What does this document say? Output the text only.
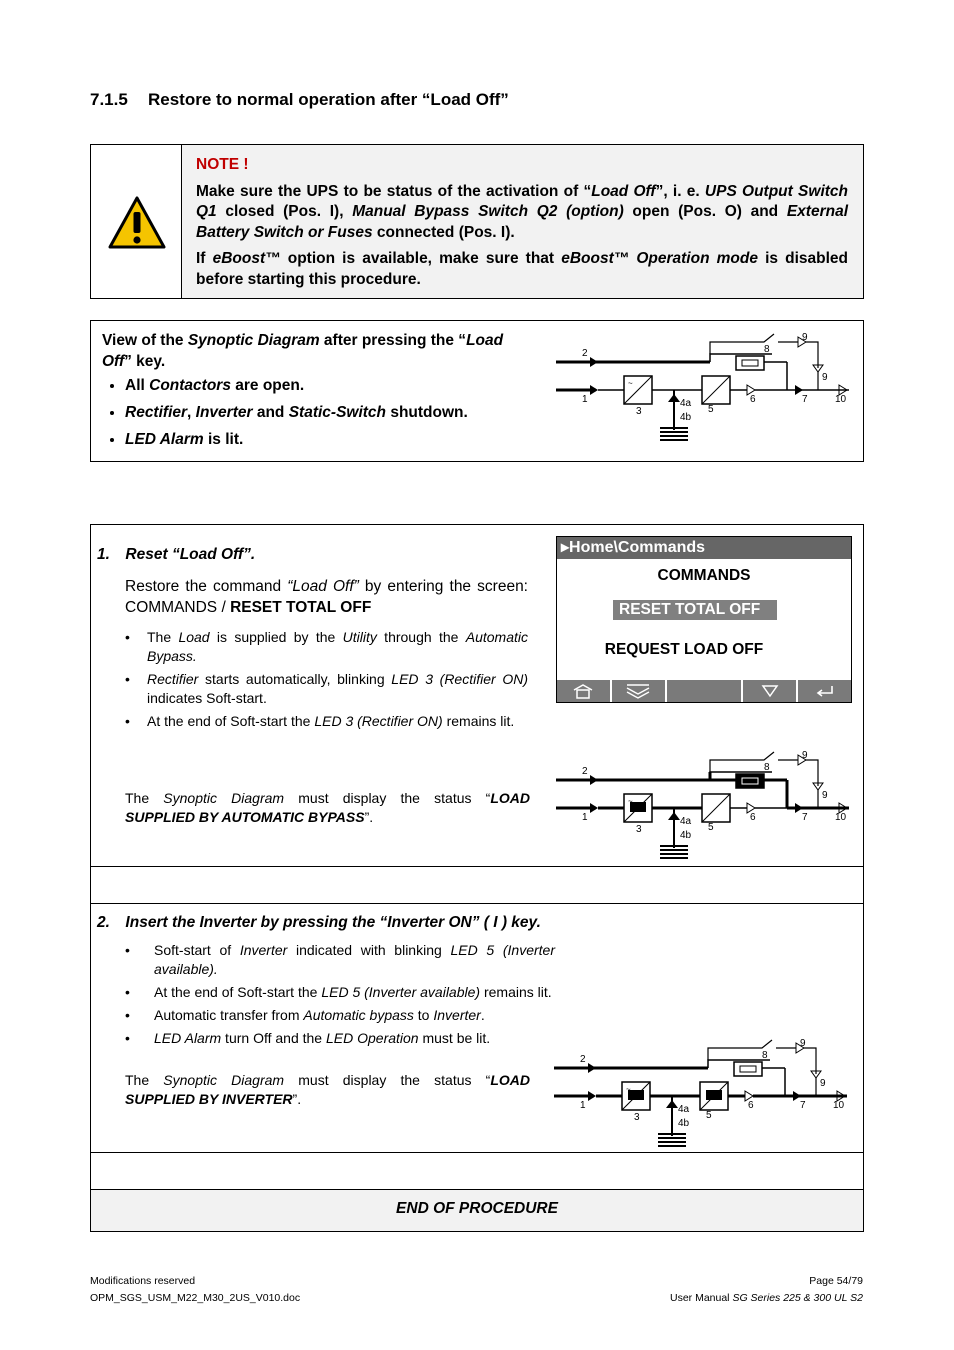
7.1.5 Restore to normal operation after “Load Off”
NOTE !

Make sure the UPS to be status of the activation of “Load Off”, i. e. UPS Output Switch Q1 closed (Pos. I), Manual Bypass Switch Q2 (option) open (Pos. O) and External Battery Switch or Fuses connected (Pos. I).

If eBoost™ option is available, make sure that eBoost™ Operation mode is disabled before starting this procedure.

View of the Synoptic Diagram after pressing the “Load Off” key.
• All Contactors are open.
• Rectifier, Inverter and Static-Switch shutdown.
• LED Alarm is lit.
~
2
1
3
4a
4b
5
6	7
8
9
9
10
1. Reset “Load Off”.
Restore the command “Load Off” by entering the screen: COMMANDS / RESET TOTAL OFF
• The Load is supplied by the Utility through the Automatic Bypass.
• Rectifier starts automatically, blinking LED 3 (Rectifier ON) indicates Soft-start.
• At the end of Soft-start the LED 3 (Rectifier ON) remains lit.
The Synoptic Diagram must display the status “LOAD SUPPLIED BY AUTOMATIC BYPASS”.
▸Home\Commands
COMMANDS
RESET TOTAL OFF
REQUEST LOAD OFF
~
2
1
3
4a
4b
5
6	7
8
9
9
10
2. Insert the Inverter by pressing the “Inverter ON” ( I ) key.
• Soft-start of Inverter indicated with blinking LED 5 (Inverter available).
• At the end of Soft-start the LED 5 (Inverter available) remains lit.
• Automatic transfer from Automatic bypass to Inverter.
• LED Alarm turn Off and the LED Operation must be lit.
The Synoptic Diagram must display the status “LOAD SUPPLIED BY INVERTER”.
~
2
1
3
4a
4b
5
6	7
8
9
9
10
END OF PROCEDURE
Modifications reserved
OPM_SGS_USM_M22_M30_2US_V010.doc
Page 54/79
User Manual SG Series 225 & 300 UL S2
